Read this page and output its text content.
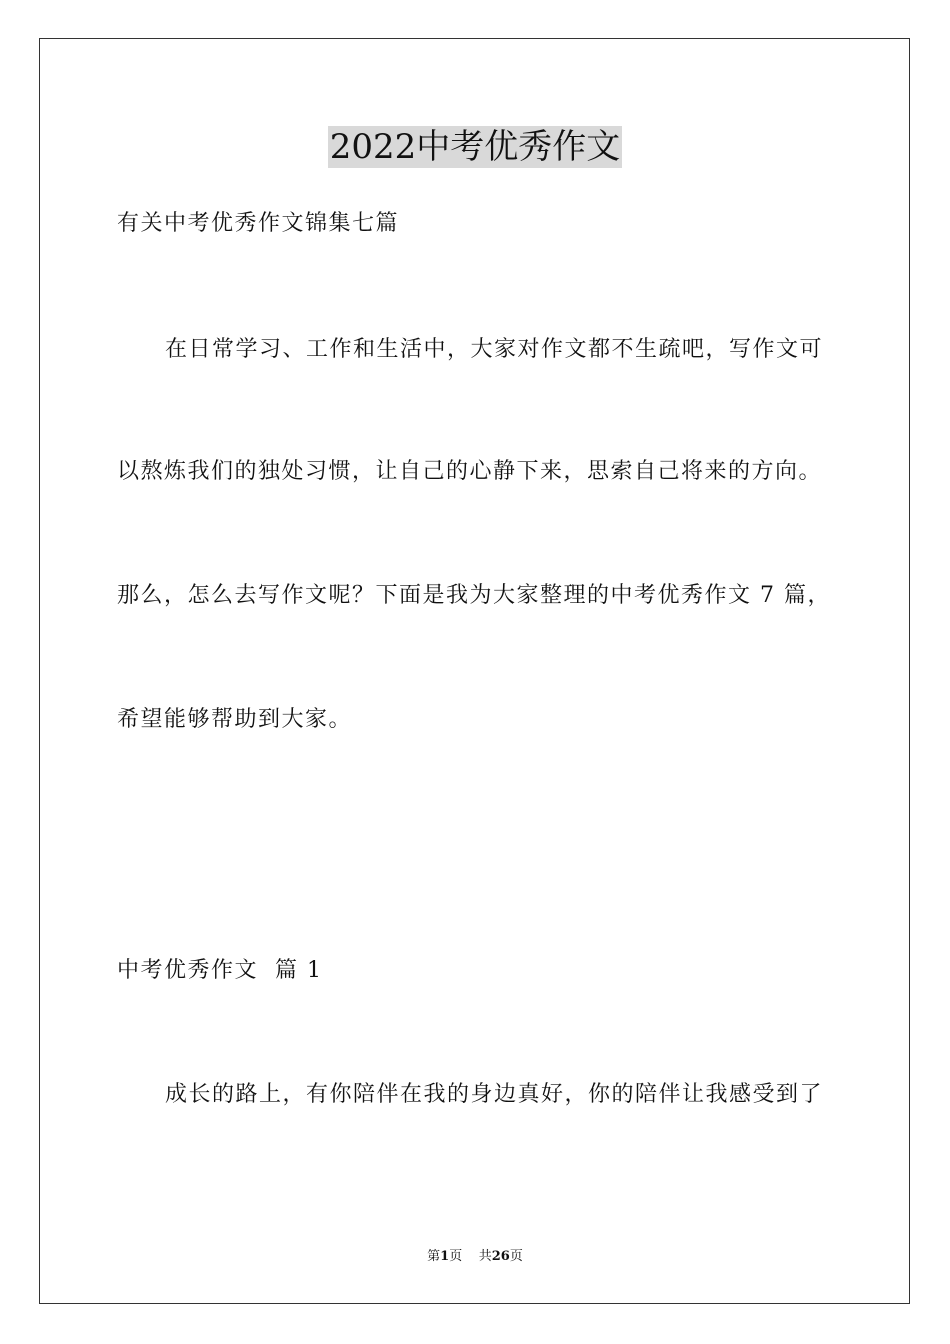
2022中考优秀作文
有关中考优秀作文锦集七篇
在日常学习、工作和生活中，大家对作文都不生疏吧，写作文可
以熬炼我们的独处习惯，让自己的心静下来，思索自己将来的方向。
那么，怎么去写作文呢？下面是我为大家整理的中考优秀作文 7 篇，
希望能够帮助到大家。
中考优秀作文  篇 1
成长的路上，有你陪伴在我的身边真好，你的陪伴让我感受到了
第1页    共26页
